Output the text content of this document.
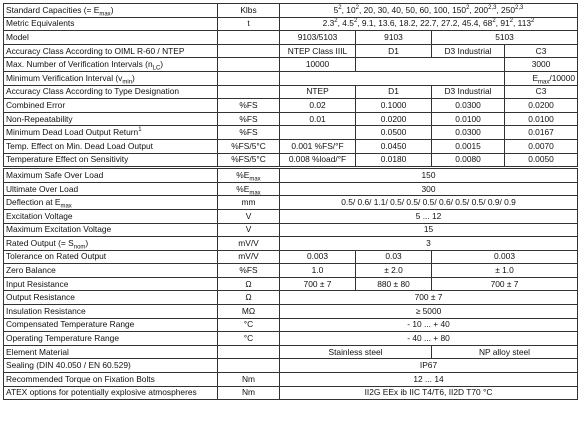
Standard Capacities (= $E_{max}$)	Klbs	$5^2$, $10^2$, 20, 30, 40, 50, 60, 100, $150^2$, 200$^{2,3}$, 250$^{2,3}$
Metric Equivalents	t	$2.3^2$, $4.5^2$, 9.1, 13.6, 18.2, 22.7, 27.2, 45.4, $68^2$, $91^2$, $113^2$
Model		9103/5103	9103	5103	
Accuracy Class According to OIML R-60 / NTEP		NTEP Class IIIL	D1	D3 Industrial	C3
Max. Number of Verification Intervals $(n_{LC})$		10000			3000
Minimum Verification Interval $(v_{min})$					$E_{max}/10000$
Accuracy Class According to Type Designation		NTEP	D1	D3 Industrial	C3
Combined Error	%FS	0.02	0.1000	0.0300	0.0200
Non-Repeatability	%FS	0.01	0.0200	0.0100	0.0100
Minimum Dead Load Output Return$^1$	%FS		0.0500	0.0300	0.0167
Temp. Effect on Min. Dead Load Output	%FS/5°C	0.001 %FS/°F	0.0450	0.0015	0.0070
Temperature Effect on Sensitivity	%FS/5°C	0.008 %load/°F	0.0180	0.0080	0.0050
Maximum Safe Over Load	$\%E_{max}$	150			
Ultimate Over Load	$\%E_{max}$	300			
Deflection at $E_{max}$	mm	0.5/ 0.6/ 1.1/ 0.5/ 0.5/ 0.5/ 0.6/ 0.5/ 0.5/ 0.9/ 0.9			
Excitation Voltage	V	5 ... 12			
Maximum Excitation Voltage	V	15			
Rated Output (= $S_{nom}$)	mV/V	3			
Tolerance on Rated Output	mV/V	0.003	0.03	0.003	
Zero Balance	%FS	1.0	± 2.0	± 1.0	
Input Resistance	Ω	700 ± 7	880 ± 80	700 ± 7	
Output Resistance	Ω	700 ± 7			
Insulation Resistance	MΩ	≥ 5000			
Compensated Temperature Range	°C	- 10 ... + 40			
Operating Temperature Range	°C	- 40 ... + 80			
Element Material		Stainless steel		NP alloy steel	
Sealing (DIN 40.050 / EN 60.529)		IP67			
Recommended Torque on Fixation Bolts	Nm	12 ... 14			
ATEX options for potentially explosive atmospheres	Nm	II2G EEx ib IIC T4/T6, II2D T70 °C			
